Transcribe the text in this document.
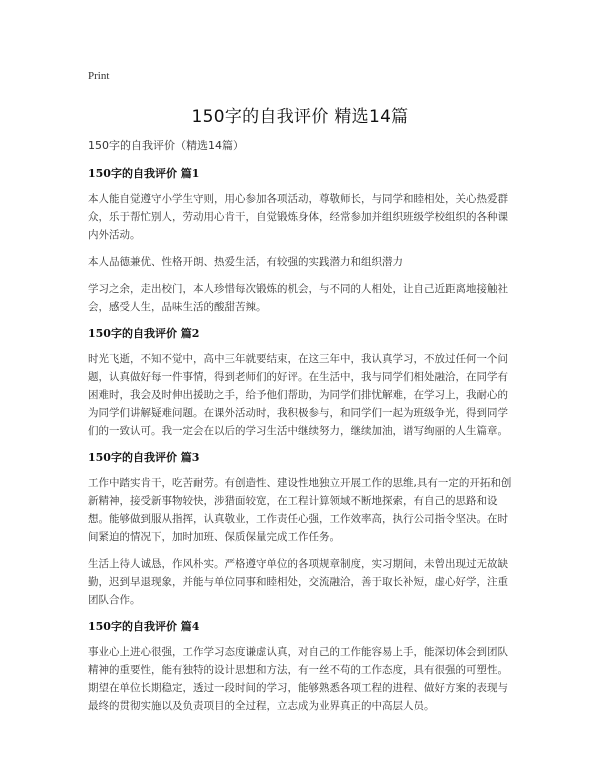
Print
150字的自我评价 精选14篇

150字的自我评价（精选14篇）

150字的自我评价 篇1

本人能自觉遵守小学生守则，用心参加各项活动，尊敬师长，与同学和睦相处，关心热爱群众，乐于帮忙别人，劳动用心肯干，自觉锻炼身体，经常参加并组织班级学校组织的各种课内外活动。

本人品德兼优、性格开朗、热爱生活，有较强的实践潜力和组织潜力

学习之余，走出校门，本人珍惜每次锻炼的机会，与不同的人相处，让自己近距离地接触社会，感受人生，品味生活的酸甜苦辣。

150字的自我评价 篇2

时光飞逝，不知不觉中，高中三年就要结束，在这三年中，我认真学习，不放过任何一个问题，认真做好每一件事情，得到老师们的好评。在生活中，我与同学们相处融洽，在同学有困难时，我会及时伸出援助之手，给予他们帮助，为同学们排忧解难，在学习上，我耐心的为同学们讲解疑难问题。在课外活动时，我积极参与，和同学们一起为班级争光，得到同学们的一致认可。我一定会在以后的学习生活中继续努力，继续加油，谱写绚丽的人生篇章。

150字的自我评价 篇3

工作中踏实肯干，吃苦耐劳。有创造性、建设性地独立开展工作的思维,具有一定的开拓和创新精神，接受新事物较快，涉猎面较宽，在工程计算领域不断地探索，有自己的思路和设想。能够做到服从指挥，认真敬业，工作责任心强，工作效率高，执行公司指令坚决。在时间紧迫的情况下，加时加班、保质保量完成工作任务。

生活上待人诚恳，作风朴实。严格遵守单位的各项规章制度，实习期间，未曾出现过无故缺勤，迟到早退现象，并能与单位同事和睦相处，交流融洽，善于取长补短，虚心好学，注重团队合作。

150字的自我评价 篇4

事业心上进心很强，工作学习态度谦虚认真，对自己的工作能容易上手，能深切体会到团队精神的重要性，能有独特的设计思想和方法，有一丝不苟的工作态度，具有很强的可塑性。期望在单位长期稳定，透过一段时间的学习，能够熟悉各项工程的进程、做好方案的表现与最终的贯彻实施以及负责项目的全过程，立志成为业界真正的中高层人员。
